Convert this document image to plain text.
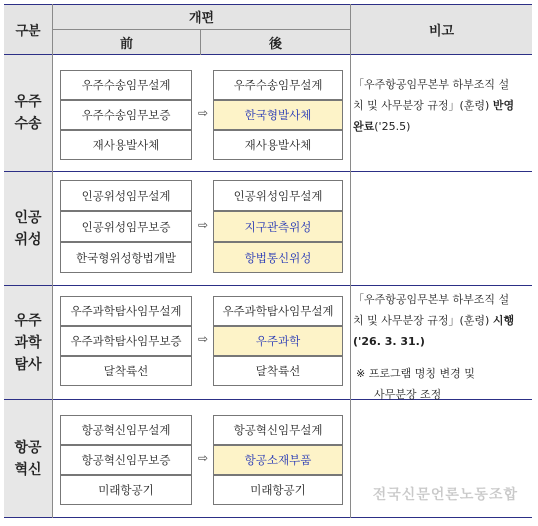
구분
개편
前	後
비고
우주
수송
인공
위성
우주
과학
탐사
항공
혁신
우주수송임무설계
우주수송임무보증
재사용발사체
⇨
우주수송임무설계
한국형발사체
재사용발사체
인공위성임무설계
인공위성임무보증
한국형위성항법개발
⇨
인공위성임무설계
지구관측위성
항법통신위성
우주과학탐사임무설계
우주과학탐사임무보증
달착륙선
⇨
우주과학탐사임무설계
우주과학
달착륙선
항공혁신임무설계
항공혁신임무보증
미래항공기
⇨
항공혁신임무설계
항공소재부품
미래항공기
「우주항공임무본부 하부조직 설
치 및 사무분장 규정」(훈령) 반영
완료('25.5)
「우주항공임무본부 하부조직 설
치 및 사무분장 규정」(훈령) 시행
('26. 3. 31.)
※ 프로그램 명칭 변경 및
사무분장 조정
전국신문언론노동조합
